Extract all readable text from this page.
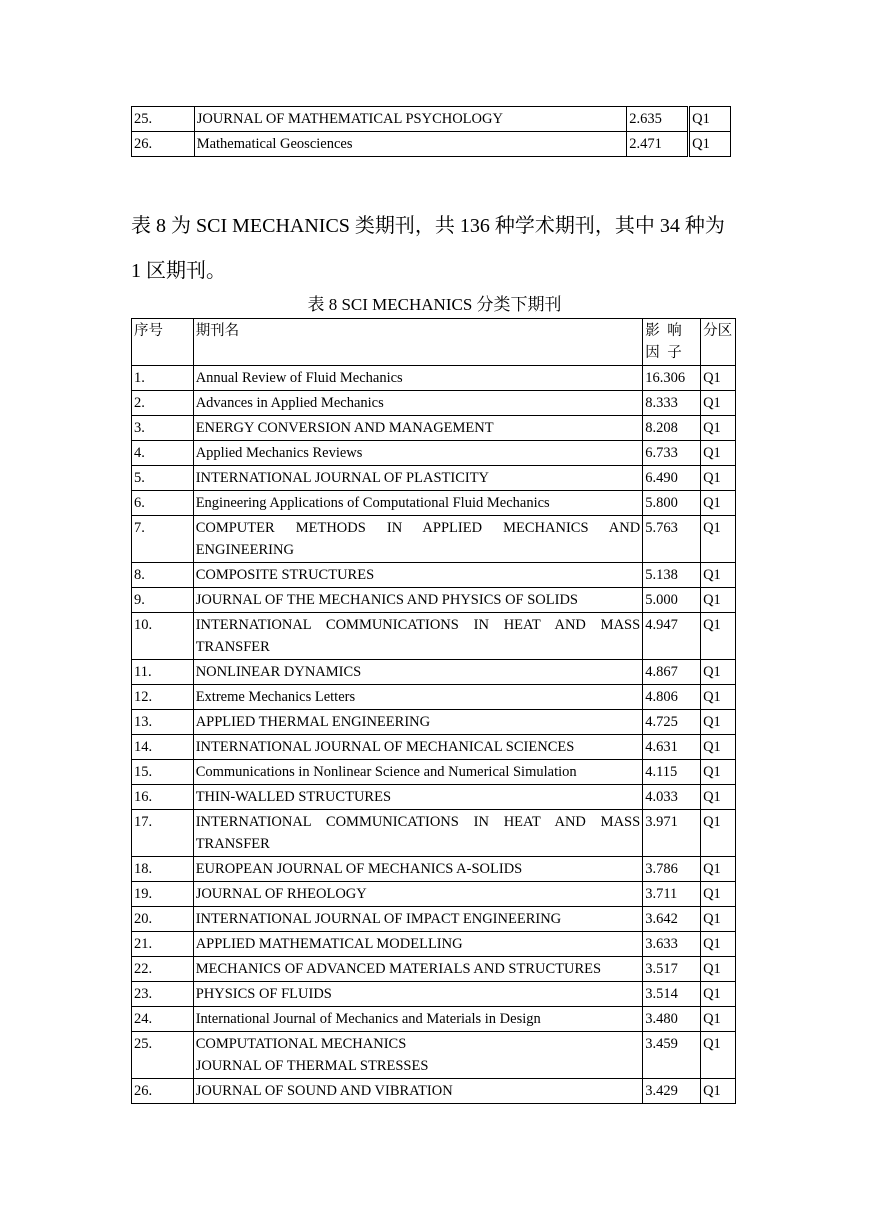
25.	JOURNAL OF MATHEMATICAL PSYCHOLOGY	2.635	Q1
26.	Mathematical Geosciences	2.471	Q1

表 8 为 SCI MECHANICS 类期刊，共 136 种学术期刊，其中 34 种为

1 区期刊。

表 8 SCI MECHANICS 分类下期刊
序号	期刊名	影 响 因 子	分区
1.	Annual Review of Fluid Mechanics	16.306	Q1
2.	Advances in Applied Mechanics	8.333	Q1
3.	ENERGY CONVERSION AND MANAGEMENT	8.208	Q1
4.	Applied Mechanics Reviews	6.733	Q1
5.	INTERNATIONAL JOURNAL OF PLASTICITY	6.490	Q1
6.	Engineering Applications of Computational Fluid Mechanics	5.800	Q1
7.	COMPUTER METHODS IN APPLIED MECHANICS AND ENGINEERING	5.763	Q1
8.	COMPOSITE STRUCTURES	5.138	Q1
9.	JOURNAL OF THE MECHANICS AND PHYSICS OF SOLIDS	5.000	Q1
10.	INTERNATIONAL COMMUNICATIONS IN HEAT AND MASS TRANSFER	4.947	Q1
11.	NONLINEAR DYNAMICS	4.867	Q1
12.	Extreme Mechanics Letters	4.806	Q1
13.	APPLIED THERMAL ENGINEERING	4.725	Q1
14.	INTERNATIONAL JOURNAL OF MECHANICAL SCIENCES	4.631	Q1
15.	Communications in Nonlinear Science and Numerical Simulation	4.115	Q1
16.	THIN-WALLED STRUCTURES	4.033	Q1
17.	INTERNATIONAL COMMUNICATIONS IN HEAT AND MASS TRANSFER	3.971	Q1
18.	EUROPEAN JOURNAL OF MECHANICS A-SOLIDS	3.786	Q1
19.	JOURNAL OF RHEOLOGY	3.711	Q1
20.	INTERNATIONAL JOURNAL OF IMPACT ENGINEERING	3.642	Q1
21.	APPLIED MATHEMATICAL MODELLING	3.633	Q1
22.	MECHANICS OF ADVANCED MATERIALS AND STRUCTURES	3.517	Q1
23.	PHYSICS OF FLUIDS	3.514	Q1
24.	International Journal of Mechanics and Materials in Design	3.480	Q1
25.	COMPUTATIONAL MECHANICS
JOURNAL OF THERMAL STRESSES	3.459	Q1
26.	JOURNAL OF SOUND AND VIBRATION	3.429	Q1
